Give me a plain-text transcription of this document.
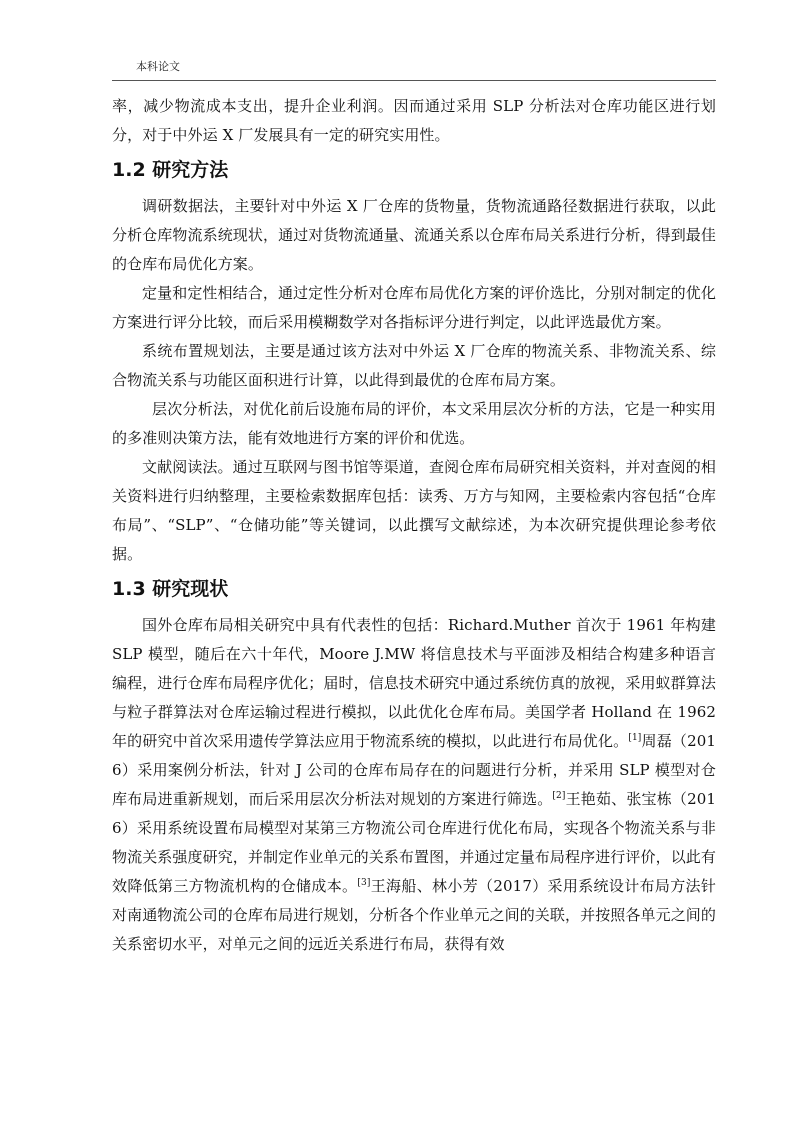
本科论文

率，减少物流成本支出，提升企业利润。因而通过采用 SLP 分析法对仓库功能区进行划分，对于中外运 X 厂发展具有一定的研究实用性。

1.2 研究方法

调研数据法，主要针对中外运 X 厂仓库的货物量，货物流通路径数据进行获取，以此分析仓库物流系统现状，通过对货物流通量、流通关系以仓库布局关系进行分析，得到最佳的仓库布局优化方案。

定量和定性相结合，通过定性分析对仓库布局优化方案的评价选比，分别对制定的优化方案进行评分比较，而后采用模糊数学对各指标评分进行判定，以此评选最优方案。

系统布置规划法，主要是通过该方法对中外运 X 厂仓库的物流关系、非物流关系、综合物流关系与功能区面积进行计算，以此得到最优的仓库布局方案。

层次分析法，对优化前后设施布局的评价，本文采用层次分析的方法，它是一种实用的多准则决策方法，能有效地进行方案的评价和优选。

文献阅读法。通过互联网与图书馆等渠道，查阅仓库布局研究相关资料，并对查阅的相关资料进行归纳整理，主要检索数据库包括：读秀、万方与知网，主要检索内容包括“仓库布局”、“SLP”、“仓储功能”等关键词，以此撰写文献综述，为本次研究提供理论参考依据。

1.3 研究现状

国外仓库布局相关研究中具有代表性的包括：Richard.Muther 首次于 1961 年构建 SLP 模型，随后在六十年代，Moore J.MW 将信息技术与平面涉及相结合构建多种语言编程，进行仓库布局程序优化；届时，信息技术研究中通过系统仿真的放视，采用蚁群算法与粒子群算法对仓库运输过程进行模拟，以此优化仓库布局。美国学者 Holland 在 1962 年的研究中首次采用遗传学算法应用于物流系统的模拟，以此进行布局优化。[1]周磊（2016）采用案例分析法，针对 J 公司的仓库布局存在的问题进行分析，并采用 SLP 模型对仓库布局进重新规划，而后采用层次分析法对规划的方案进行筛选。[2]王艳茹、张宝栋（2016）采用系统设置布局模型对某第三方物流公司仓库进行优化布局，实现各个物流关系与非物流关系强度研究，并制定作业单元的关系布置图，并通过定量布局程序进行评价，以此有效降低第三方物流机构的仓储成本。[3]王海船、林小芳（2017）采用系统设计布局方法针对南通物流公司的仓库布局进行规划，分析各个作业单元之间的关联，并按照各单元之间的关系密切水平，对单元之间的远近关系进行布局，获得有效
